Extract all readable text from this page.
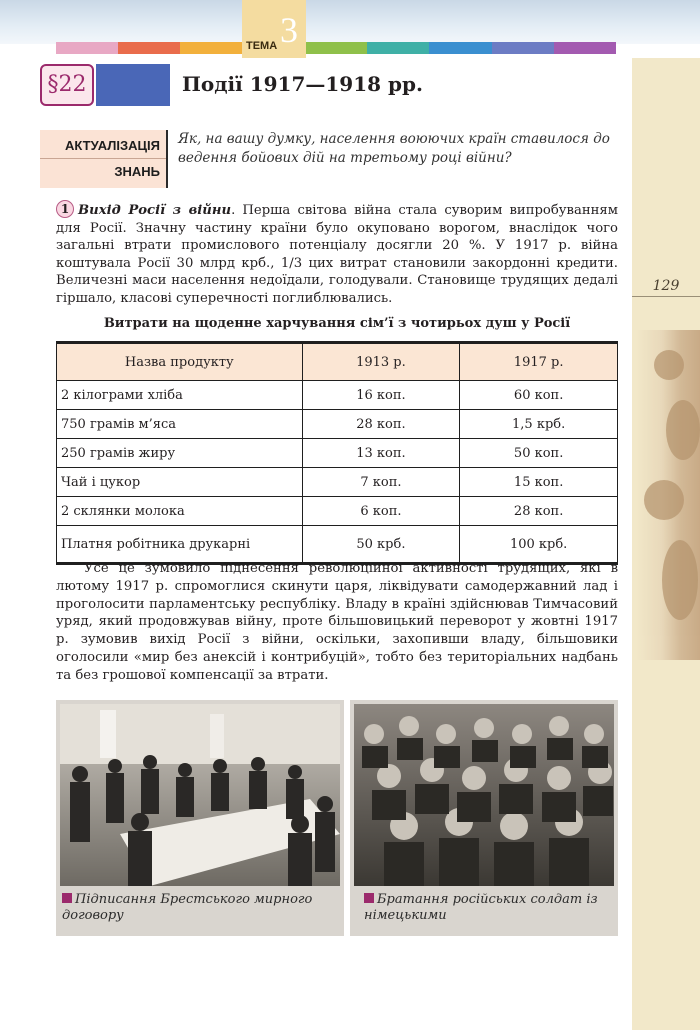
ТЕМА 3
129
§22	Події 1917—1918 рр.
АКТУАЛІЗАЦІЯ
ЗНАНЬ
Як, на вашу думку, населення воюючих країн ставилося до ведення бойових дій на третьому році війни?
1 Вихід Росії з війни. Перша світова війна стала суворим випробуванням для Росії. Значну частину країни було окуповано ворогом, внаслідок чого загальні втрати промислового потенціалу досягли 20 %. У 1917 р. війна коштувала Росії 30 млрд крб., 1/3 цих витрат становили закордонні кредити. Величезні маси населення недоїдали, голодували. Становище трудящих дедалі гіршало, класові суперечності поглиблювались.
Витрати на щоденне харчування сім’ї з чотирьох душ у Росії
Назва продукту	1913 р.	1917 р.
2 кілограми хліба	16 коп.	60 коп.
750 грамів м’яса	28 коп.	1,5 крб.
250 грамів жиру	13 коп.	50 коп.
Чай і цукор	7 коп.	15 коп.
2 склянки молока	6 коп.	28 коп.
Платня робітника друкарні	50 крб.	100 крб.
Усе це зумовило піднесення революційної активності трудящих, які в лютому 1917 р. спромоглися скинути царя, ліквідувати самодержавний лад і проголосити парламентську республіку. Владу в країні здійснював Тимчасовий уряд, який продовжував війну, проте більшовицький переворот у жовтні 1917 р. зумовив вихід Росії з війни, оскільки, захопивши владу, більшовики оголосили «мир без анексій і контрибуцій», тобто без територіальних надбань та без грошової компенсації за втрати.
Підписання Брестського мирного договору
Братання російських солдат із німецькими
